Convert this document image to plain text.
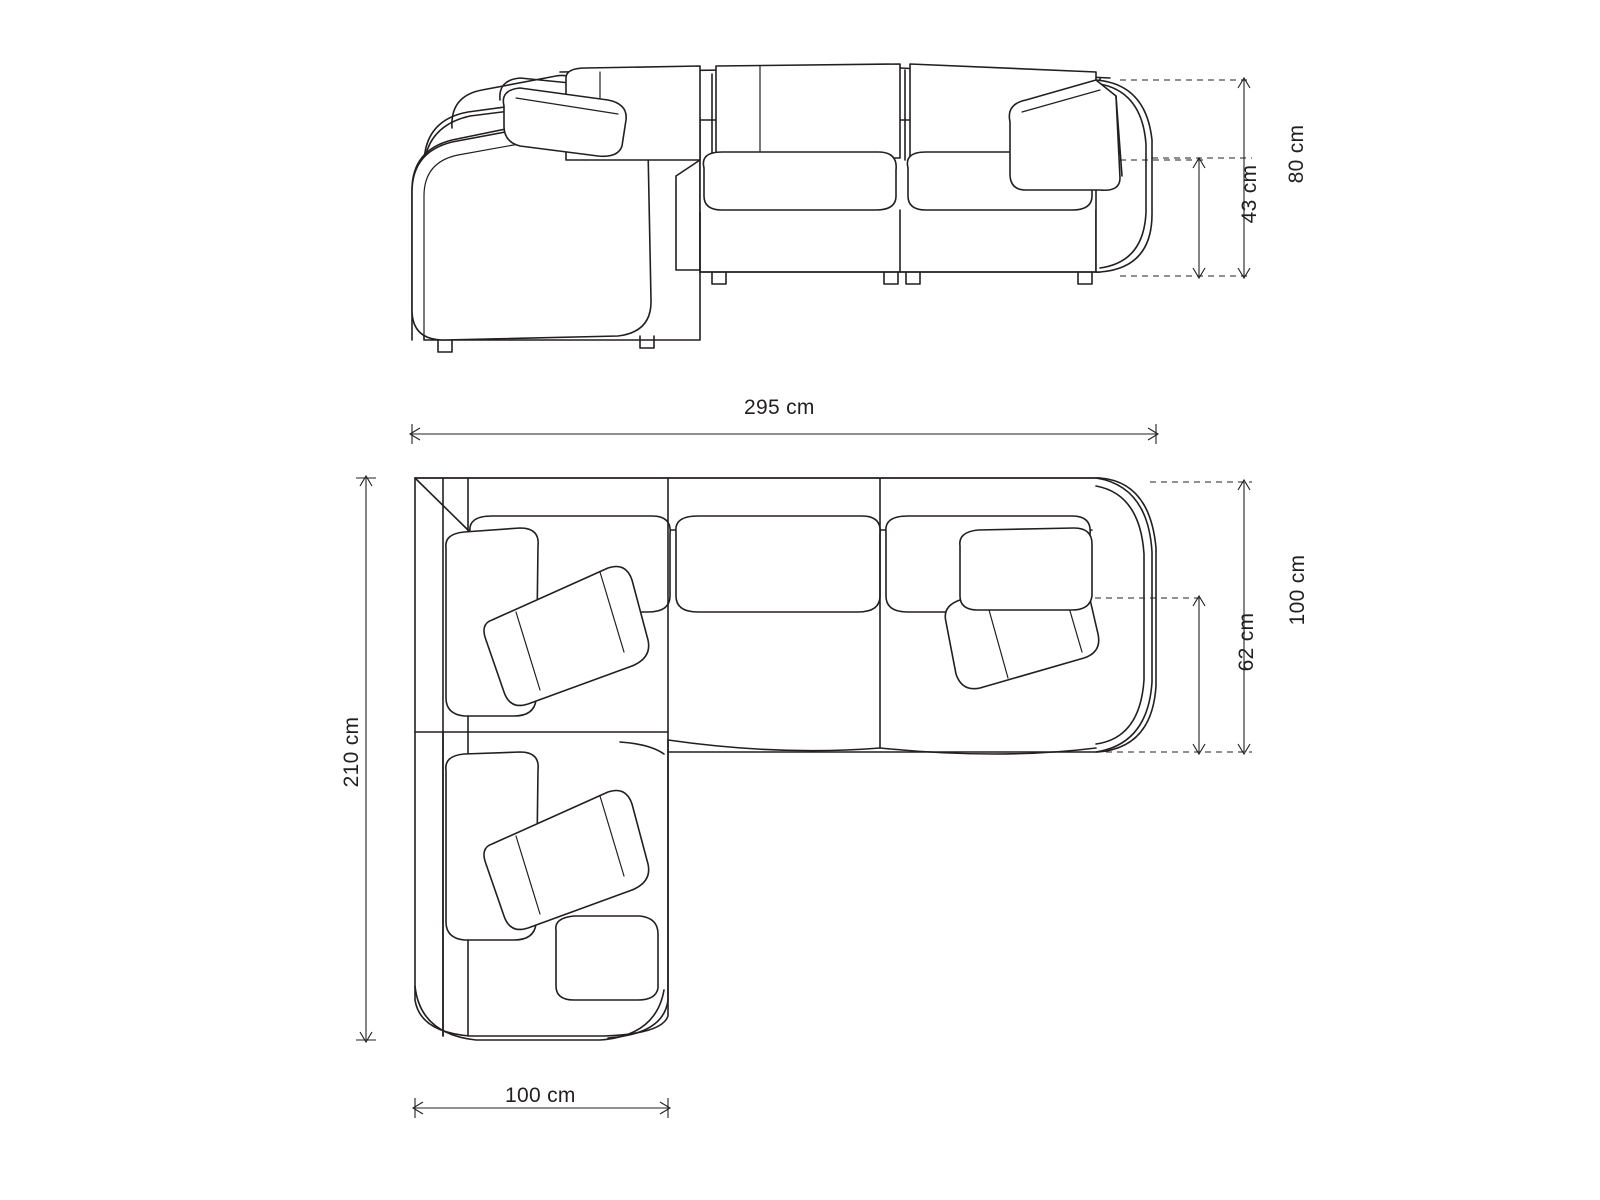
80 cm
43 cm
295 cm
100 cm
62 cm
210 cm
100 cm
